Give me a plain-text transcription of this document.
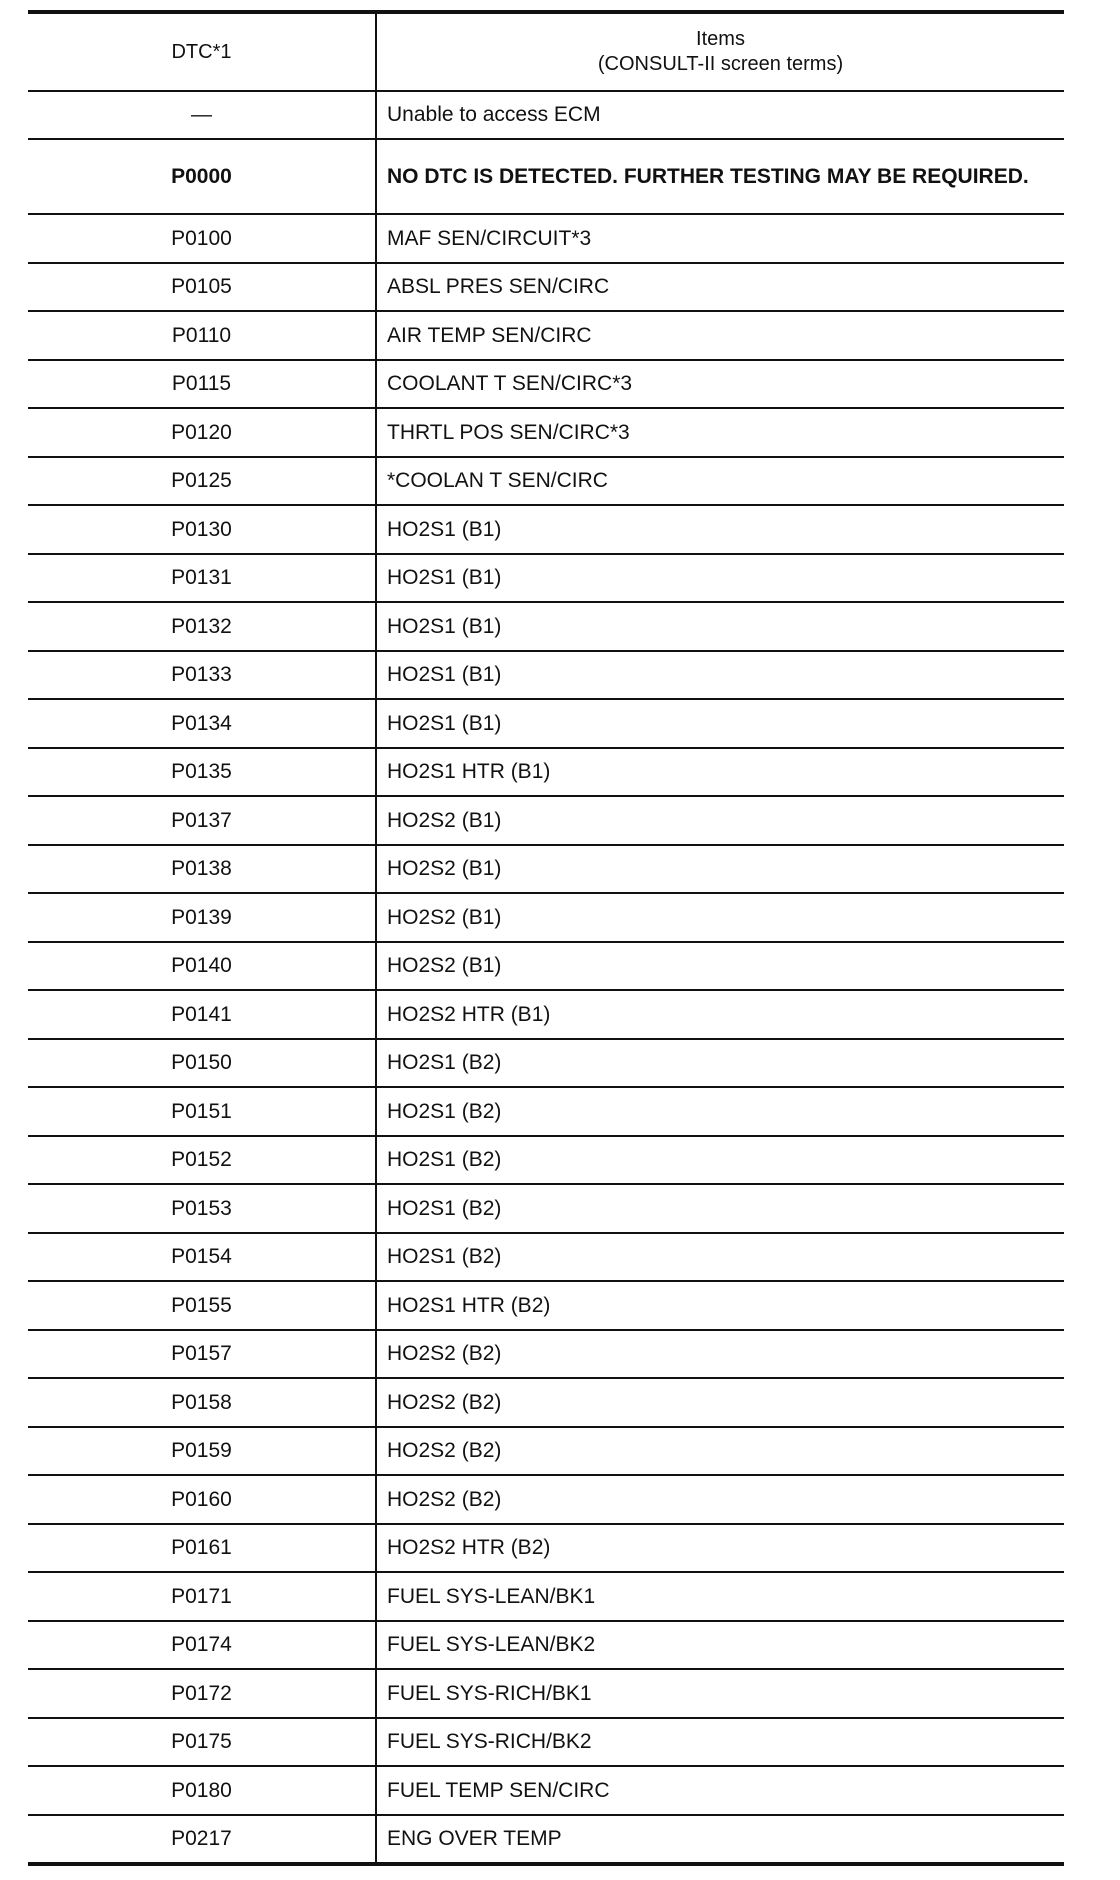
DTC*1	Items
(CONSULT-II screen terms)

—	Unable to access ECM
P0000	NO DTC IS DETECTED. FURTHER TESTING MAY BE REQUIRED.
P0100	MAF SEN/CIRCUIT*3
P0105	ABSL PRES SEN/CIRC
P0110	AIR TEMP SEN/CIRC
P0115	COOLANT T SEN/CIRC*3
P0120	THRTL POS SEN/CIRC*3
P0125	*COOLAN T SEN/CIRC
P0130	HO2S1 (B1)
P0131	HO2S1 (B1)
P0132	HO2S1 (B1)
P0133	HO2S1 (B1)
P0134	HO2S1 (B1)
P0135	HO2S1 HTR (B1)
P0137	HO2S2 (B1)
P0138	HO2S2 (B1)
P0139	HO2S2 (B1)
P0140	HO2S2 (B1)
P0141	HO2S2 HTR (B1)
P0150	HO2S1 (B2)
P0151	HO2S1 (B2)
P0152	HO2S1 (B2)
P0153	HO2S1 (B2)
P0154	HO2S1 (B2)
P0155	HO2S1 HTR (B2)
P0157	HO2S2 (B2)
P0158	HO2S2 (B2)
P0159	HO2S2 (B2)
P0160	HO2S2 (B2)
P0161	HO2S2 HTR (B2)
P0171	FUEL SYS-LEAN/BK1
P0174	FUEL SYS-LEAN/BK2
P0172	FUEL SYS-RICH/BK1
P0175	FUEL SYS-RICH/BK2
P0180	FUEL TEMP SEN/CIRC
P0217	ENG OVER TEMP
